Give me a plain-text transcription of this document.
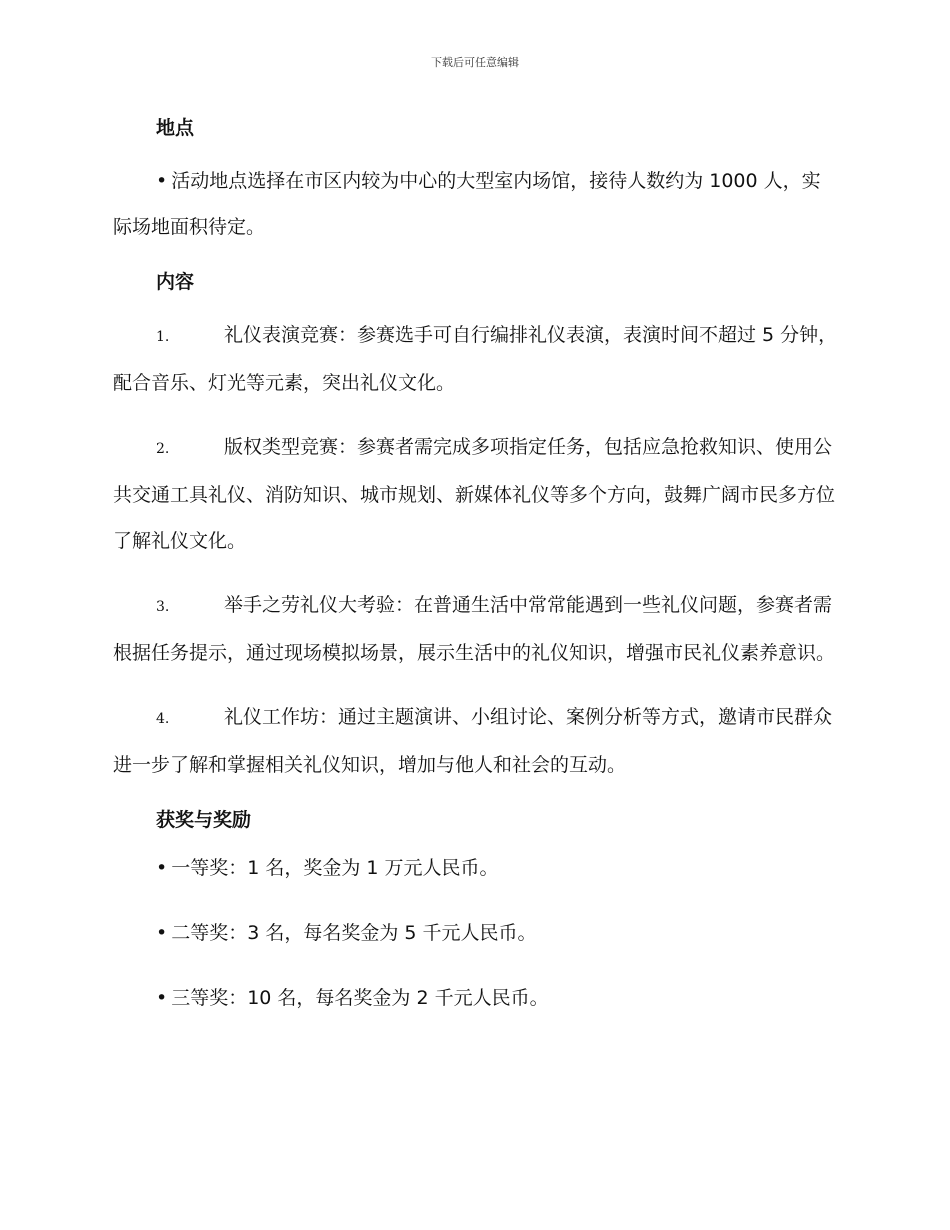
下载后可任意编辑
地点

• 活动地点选择在市区内较为中心的大型室内场馆，接待人数约为 1000 人，实际场地面积待定。

内容

1.	礼仪表演竞赛：参赛选手可自行编排礼仪表演，表演时间不超过 5 分钟，配合音乐、灯光等元素，突出礼仪文化。

2.	版权类型竞赛：参赛者需完成多项指定任务，包括应急抢救知识、使用公共交通工具礼仪、消防知识、城市规划、新媒体礼仪等多个方向，鼓舞广阔市民多方位了解礼仪文化。

3.	举手之劳礼仪大考验：在普通生活中常常能遇到一些礼仪问题，参赛者需根据任务提示，通过现场模拟场景，展示生活中的礼仪知识，增强市民礼仪素养意识。

4.	礼仪工作坊：通过主题演讲、小组讨论、案例分析等方式，邀请市民群众进一步了解和掌握相关礼仪知识，增加与他人和社会的互动。

获奖与奖励

• 一等奖：1 名，奖金为 1 万元人民币。

• 二等奖：3 名，每名奖金为 5 千元人民币。

• 三等奖：10 名，每名奖金为 2 千元人民币。
